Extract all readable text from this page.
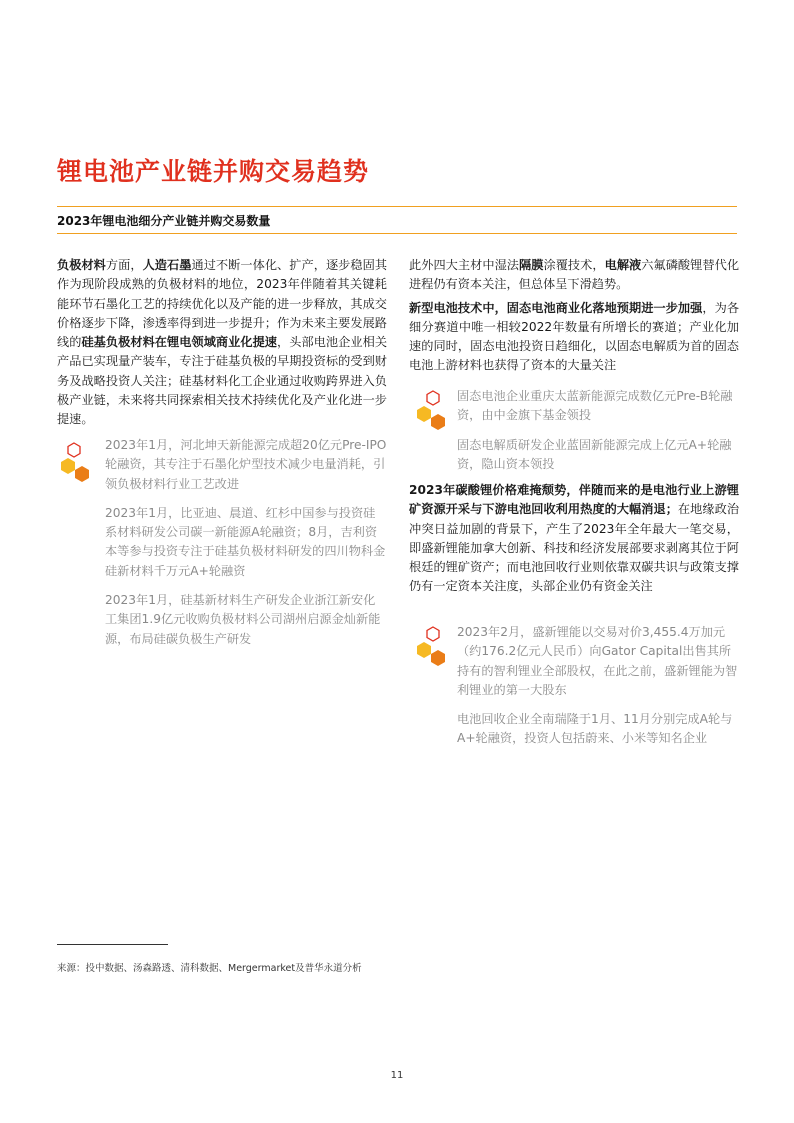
锂电池产业链并购交易趋势
2023年锂电池细分产业链并购交易数量

负极材料方面，人造石墨通过不断一体化、扩产，逐步稳固其作为现阶段成熟的负极材料的地位，2023年伴随着其关键耗能环节石墨化工艺的持续优化以及产能的进一步释放，其成交价格逐步下降，渗透率得到进一步提升；作为未来主要发展路线的硅基负极材料在锂电领域商业化提速，头部电池企业相关产品已实现量产装车，专注于硅基负极的早期投资标的受到财务及战略投资人关注；硅基材料化工企业通过收购跨界进入负极产业链，未来将共同探索相关技术持续优化及产业化进一步提速。

2023年1月，河北坤天新能源完成超20亿元Pre-IPO轮融资，其专注于石墨化炉型技术减少电量消耗，引领负极材料行业工艺改进

2023年1月，比亚迪、晨道、红杉中国参与投资硅系材料研发公司碳一新能源A轮融资；8月，吉利资本等参与投资专注于硅基负极材料研发的四川物科金硅新材料千万元A+轮融资

2023年1月，硅基新材料生产研发企业浙江新安化工集团1.9亿元收购负极材料公司湖州启源金灿新能源，布局硅碳负极生产研发

此外四大主材中湿法隔膜涂覆技术，电解液六氟磷酸锂替代化进程仍有资本关注，但总体呈下滑趋势。

新型电池技术中，固态电池商业化落地预期进一步加强，为各细分赛道中唯一相较2022年数量有所增长的赛道；产业化加速的同时，固态电池投资日趋细化，以固态电解质为首的固态电池上游材料也获得了资本的大量关注

固态电池企业重庆太蓝新能源完成数亿元Pre-B轮融资，由中金旗下基金领投

固态电解质研发企业蓝固新能源完成上亿元A+轮融资，隐山资本领投

2023年碳酸锂价格难掩颓势，伴随而来的是电池行业上游锂矿资源开采与下游电池回收利用热度的大幅消退；在地缘政治冲突日益加剧的背景下，产生了2023年全年最大一笔交易，即盛新锂能加拿大创新、科技和经济发展部要求剥离其位于阿根廷的锂矿资产；而电池回收行业则依靠双碳共识与政策支撑仍有一定资本关注度，头部企业仍有资金关注

2023年2月，盛新锂能以交易对价3,455.4万加元（约176.2亿元人民币）向Gator Capital出售其所持有的智利锂业全部股权，在此之前，盛新锂能为智利锂业的第一大股东

电池回收企业全南瑞隆于1月、11月分别完成A轮与A+轮融资，投资人包括蔚来、小米等知名企业

来源：投中数据、汤森路透、清科数据、Mergermarket及普华永道分析
11
